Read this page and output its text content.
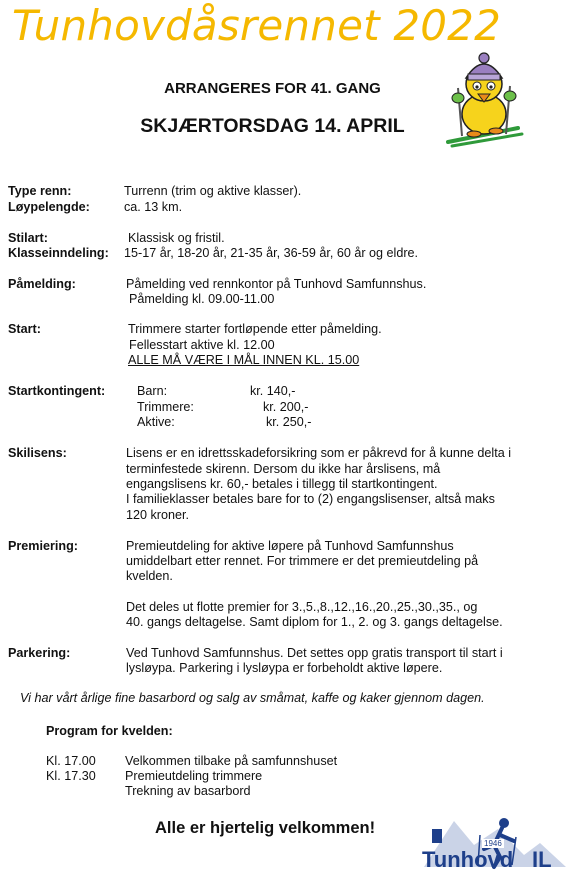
Tunhovdåsrennet 2022
ARRANGERES FOR 41. GANG
SKJÆRTORSDAG 14. APRIL
Type renn:	Turrenn (trim og aktive klasser).
Løypelengde:	ca. 13 km.
Stilart:	Klassisk og fristil.
Klasseinndeling: 15-17 år, 18-20 år, 21-35 år, 36-59 år, 60 år og eldre.
Påmelding:	Påmelding ved rennkontor på Tunhovd Samfunnshus.
Påmelding kl. 09.00-11.00
Start:	Trimmere starter fortløpende etter påmelding.
Fellesstart aktive kl. 12.00
ALLE MÅ VÆRE I MÅL INNEN KL. 15.00
Startkontingent:	Barn:	kr. 140,-
Trimmere:	kr. 200,-
Aktive:	kr. 250,-
Skilisens:	Lisens er en idrettsskadeforsikring som er påkrevd for å kunne delta i
terminfestede skirenn. Dersom du ikke har årslisens, må
engangslisens kr. 60,- betales i tillegg til startkontingent.
I familieklasser betales bare for to (2) engangslisenser, altså maks
120 kroner.
Premiering:	Premieutdeling for aktive løpere på Tunhovd Samfunnshus
umiddelbart etter rennet. For trimmere er det premieutdeling på
kvelden.
Det deles ut flotte premier for 3.,5.,8.,12.,16.,20.,25.,30.,35., og
40. gangs deltagelse. Samt diplom for 1., 2. og 3. gangs deltagelse.
Parkering:	Ved Tunhovd Samfunnshus. Det settes opp gratis transport til start i
lysløypa. Parkering i lysløypa er forbeholdt aktive løpere.
Vi har vårt årlige fine basarbord og salg av småmat, kaffe og kaker gjennom dagen.
Program for kvelden:
Kl. 17.00 Velkommen tilbake på samfunnshuset
Kl. 17.30 Premieutdeling trimmere
Trekning av basarbord
Alle er hjertelig velkommen!
1946
Tunhovd IL
